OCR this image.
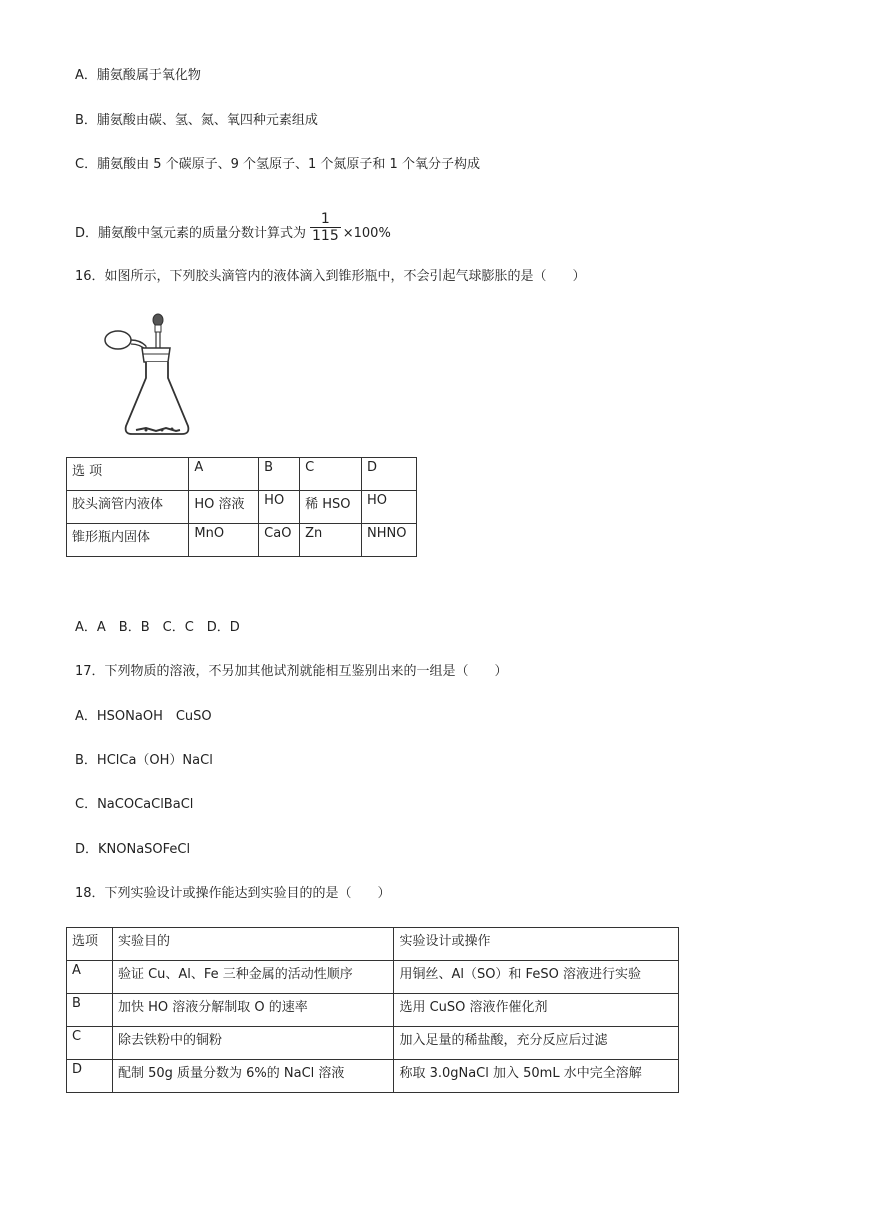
A．脯氨酸属于氧化物
B．脯氨酸由碳、氢、氮、氧四种元素组成
C．脯氨酸由 5 个碳原子、9 个氢原子、1 个氮原子和 1 个氧分子构成
D．脯氨酸中氢元素的质量分数计算式为 $\frac{1}{115} \times 100\%$
16．如图所示，下列胶头滴管内的液体滴入到锥形瓶中，不会引起气球膨胀的是（　　）
选 项	A	B	C	D
胶头滴管内液体	HO 溶液	HO	稀 HSO	HO
锥形瓶内固体	MnO	CaO	Zn	NHNO
A．A　B．B　C．C　D．D
17．下列物质的溶液，不另加其他试剂就能相互鉴别出来的一组是（　　）
A．HSONaOH　CuSO
B．HClCa（OH）NaCl
C．NaCOCaClBaCl
D．KNONaSOFeCl
18．下列实验设计或操作能达到实验目的的是（　　）
选项	实验目的	实验设计或操作
A	验证 Cu、Al、Fe 三种金属的活动性顺序	用铜丝、Al（SO）和 FeSO 溶液进行实验
B	加快 HO 溶液分解制取 O 的速率	选用 CuSO 溶液作催化剂
C	除去铁粉中的铜粉	加入足量的稀盐酸，充分反应后过滤
D	配制 50g 质量分数为 6%的 NaCl 溶液	称取 3.0gNaCl 加入 50mL 水中完全溶解
